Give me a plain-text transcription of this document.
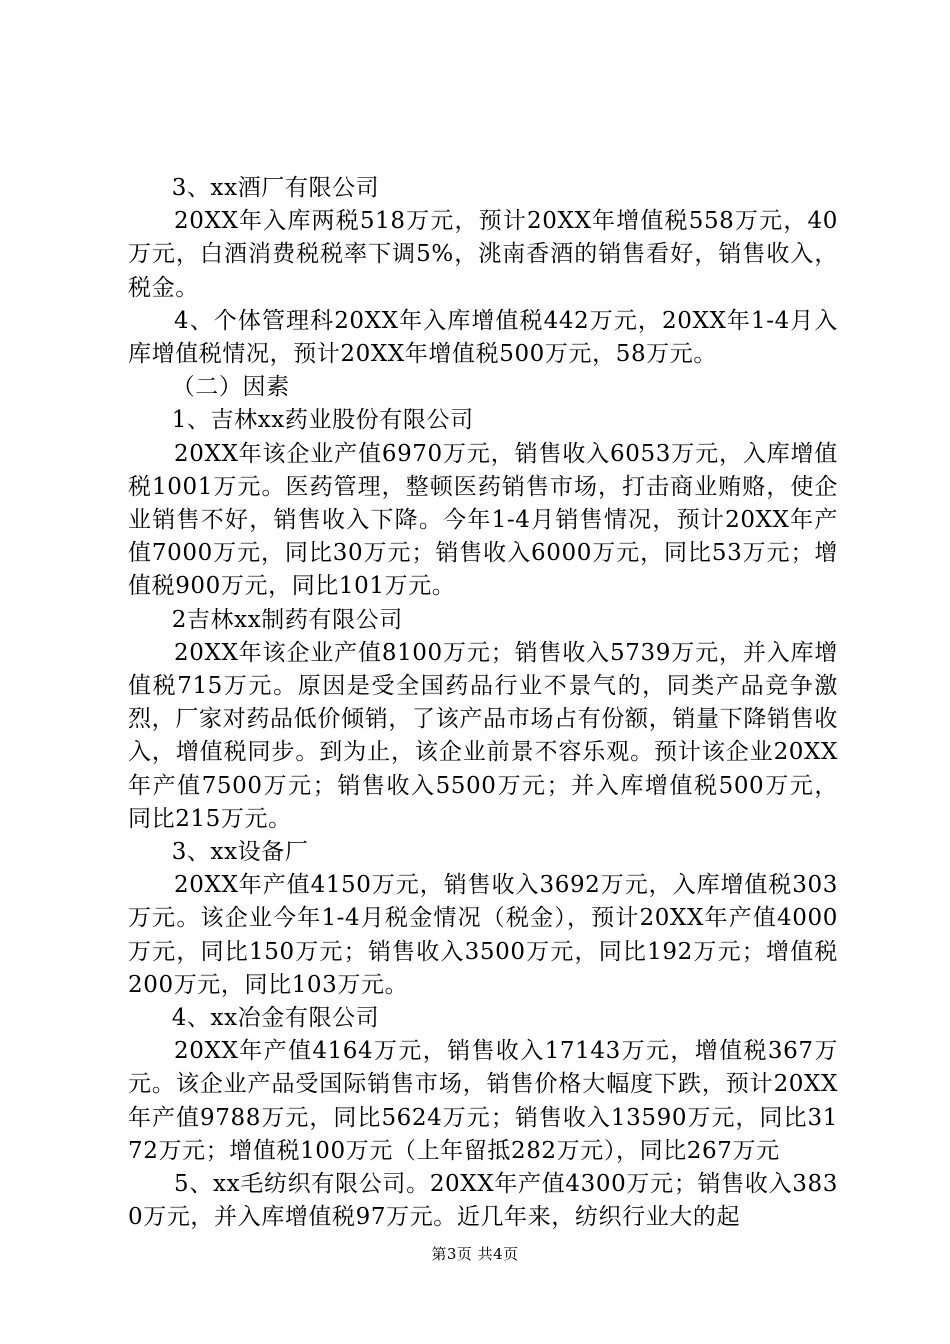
3、xx酒厂有限公司

20XX年入库两税518万元，预计20XX年增值税558万元，40万元，白酒消费税税率下调5%，洮南香酒的销售看好，销售收入，税金。

4、个体管理科20XX年入库增值税442万元，20XX年1-4月入库增值税情况，预计20XX年增值税500万元，58万元。

（二）因素

1、吉林xx药业股份有限公司

20XX年该企业产值6970万元，销售收入6053万元，入库增值税1001万元。医药管理，整顿医药销售市场，打击商业贿赂，使企业销售不好，销售收入下降。今年1-4月销售情况，预计20XX年产值7000万元，同比30万元；销售收入6000万元，同比53万元；增值税900万元，同比101万元。

2吉林xx制药有限公司

20XX年该企业产值8100万元；销售收入5739万元，并入库增值税715万元。原因是受全国药品行业不景气的，同类产品竞争激烈，厂家对药品低价倾销，了该产品市场占有份额，销量下降销售收入，增值税同步。到为止，该企业前景不容乐观。预计该企业20XX年产值7500万元；销售收入5500万元；并入库增值税500万元，同比215万元。

3、xx设备厂

20XX年产值4150万元，销售收入3692万元，入库增值税303万元。该企业今年1-4月税金情况（税金），预计20XX年产值4000万元，同比150万元；销售收入3500万元，同比192万元；增值税200万元，同比103万元。

4、xx冶金有限公司

20XX年产值4164万元，销售收入17143万元，增值税367万元。该企业产品受国际销售市场，销售价格大幅度下跌，预计20XX年产值9788万元，同比5624万元；销售收入13590万元，同比3172万元；增值税100万元（上年留抵282万元），同比267万元

5、xx毛纺织有限公司。20XX年产值4300万元；销售收入3830万元，并入库增值税97万元。近几年来，纺织行业大的起

第3页 共4页
